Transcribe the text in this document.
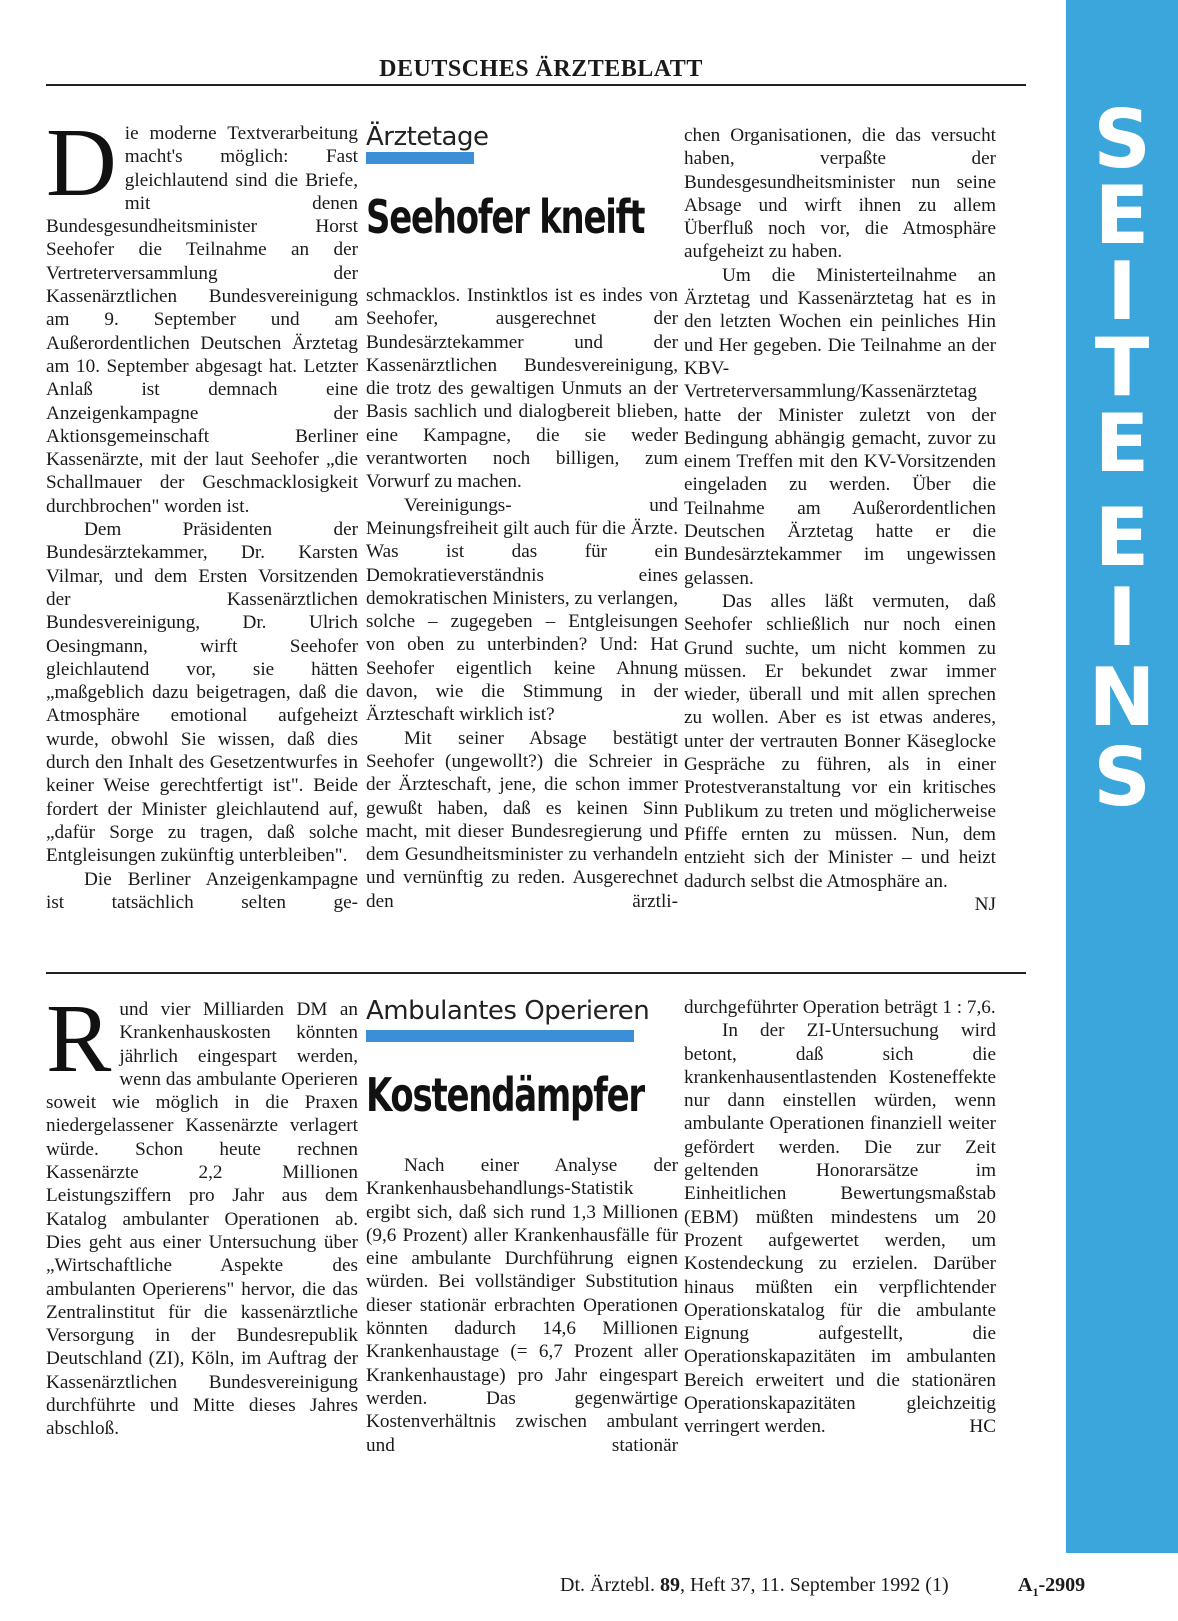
DEUTSCHES ÄRZTEBLATT
S
E
I
T
E
E
I
N
S
Ärztetage
Seehofer kneift
D ie moderne Textverarbeitung macht's möglich: Fast gleichlautend sind die Briefe, mit denen Bundesgesundheitsminister Horst Seehofer die Teilnahme an der Vertreterversammlung der Kassenärztlichen Bundesvereinigung am 9. September und am Außerordentlichen Deutschen Ärztetag am 10. September abgesagt hat. Letzter Anlaß ist demnach eine Anzeigenkampagne der Aktionsgemeinschaft Berliner Kassenärzte, mit der laut Seehofer „die Schallmauer der Geschmacklosigkeit durchbrochen" worden ist.

Dem Präsidenten der Bundesärztekammer, Dr. Karsten Vilmar, und dem Ersten Vorsitzenden der Kassenärztlichen Bundesvereinigung, Dr. Ulrich Oesingmann, wirft Seehofer gleichlautend vor, sie hätten „maßgeblich dazu beigetragen, daß die Atmosphäre emotional aufgeheizt wurde, obwohl Sie wissen, daß dies durch den Inhalt des Gesetzentwurfes in keiner Weise gerechtfertigt ist". Beide fordert der Minister gleichlautend auf, „dafür Sorge zu tragen, daß solche Entgleisungen zukünftig unterbleiben".

Die Berliner Anzeigenkampagne ist tatsächlich selten ge-

schmacklos. Instinktlos ist es indes von Seehofer, ausgerechnet der Bundesärztekammer und der Kassenärztlichen Bundesvereinigung, die trotz des gewaltigen Unmuts an der Basis sachlich und dialogbereit blieben, eine Kampagne, die sie weder verantworten noch billigen, zum Vorwurf zu machen.

Vereinigungs- und Meinungsfreiheit gilt auch für die Ärzte. Was ist das für ein Demokratieverständnis eines demokratischen Ministers, zu verlangen, solche – zugegeben – Entgleisungen von oben zu unterbinden? Und: Hat Seehofer eigentlich keine Ahnung davon, wie die Stimmung in der Ärzteschaft wirklich ist?

Mit seiner Absage bestätigt Seehofer (ungewollt?) die Schreier in der Ärzteschaft, jene, die schon immer gewußt haben, daß es keinen Sinn macht, mit dieser Bundesregierung und dem Gesundheitsminister zu verhandeln und vernünftig zu reden. Ausgerechnet den ärztli-

chen Organisationen, die das versucht haben, verpaßte der Bundesgesundheitsminister nun seine Absage und wirft ihnen zu allem Überfluß noch vor, die Atmosphäre aufgeheizt zu haben.

Um die Ministerteilnahme an Ärztetag und Kassenärztetag hat es in den letzten Wochen ein peinliches Hin und Her gegeben. Die Teilnahme an der KBV-Vertreterversammlung/Kassenärztetag hatte der Minister zuletzt von der Bedingung abhängig gemacht, zuvor zu einem Treffen mit den KV-Vorsitzenden eingeladen zu werden. Über die Teilnahme am Außerordentlichen Deutschen Ärztetag hatte er die Bundesärztekammer im ungewissen gelassen.

Das alles läßt vermuten, daß Seehofer schließlich nur noch einen Grund suchte, um nicht kommen zu müssen. Er bekundet zwar immer wieder, überall und mit allen sprechen zu wollen. Aber es ist etwas anderes, unter der vertrauten Bonner Käseglocke Gespräche zu führen, als in einer Protestveranstaltung vor ein kritisches Publikum zu treten und möglicherweise Pfiffe ernten zu müssen. Nun, dem entzieht sich der Minister – und heizt dadurch selbst die Atmosphäre an.
NJ

Ambulantes Operieren
Kostendämpfer
R und vier Milliarden DM an Krankenhauskosten könnten jährlich eingespart werden, wenn das ambulante Operieren soweit wie möglich in die Praxen niedergelassener Kassenärzte verlagert würde. Schon heute rechnen Kassenärzte 2,2 Millionen Leistungsziffern pro Jahr aus dem Katalog ambulanter Operationen ab. Dies geht aus einer Untersuchung über „Wirtschaftliche Aspekte des ambulanten Operierens" hervor, die das Zentralinstitut für die kassenärztliche Versorgung in der Bundesrepublik Deutschland (ZI), Köln, im Auftrag der Kassenärztlichen Bundesvereinigung durchführte und Mitte dieses Jahres abschloß.

Nach einer Analyse der Krankenhausbehandlungs-Statistik ergibt sich, daß sich rund 1,3 Millionen (9,6 Prozent) aller Krankenhausfälle für eine ambulante Durchführung eignen würden. Bei vollständiger Substitution dieser stationär erbrachten Operationen könnten dadurch 14,6 Millionen Krankenhaustage (= 6,7 Prozent aller Krankenhaustage) pro Jahr eingespart werden. Das gegenwärtige Kostenverhältnis zwischen ambulant und stationär

durchgeführter Operation beträgt 1 : 7,6.

In der ZI-Untersuchung wird betont, daß sich die krankenhausentlastenden Kosteneffekte nur dann einstellen würden, wenn ambulante Operationen finanziell weiter gefördert werden. Die zur Zeit geltenden Honorarsätze im Einheitlichen Bewertungsmaßstab (EBM) müßten mindestens um 20 Prozent aufgewertet werden, um Kostendeckung zu erzielen. Darüber hinaus müßten ein verpflichtender Operationskatalog für die ambulante Eignung aufgestellt, die Operationskapazitäten im ambulanten Bereich erweitert und die stationären Operationskapazitäten gleichzeitig verringert werden.	HC

Dt. Ärztebl. 89, Heft 37, 11. September 1992 (1)	$A_1-2909$
